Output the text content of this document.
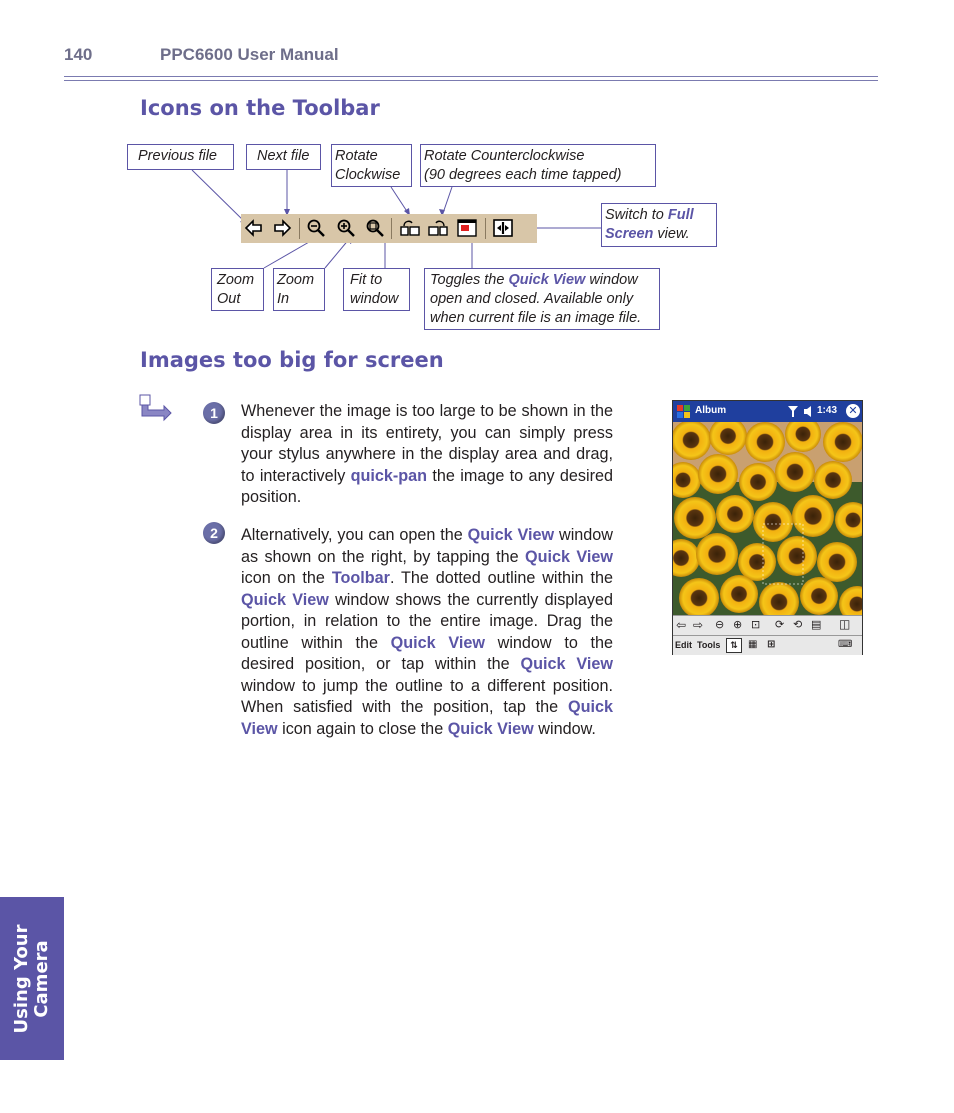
140	PPC6600 User Manual
Icons on the Toolbar
Previous file	Next file	Rotate
Clockwise
Rotate Counterclockwise
(90 degrees each time tapped)
Switch to Full
Screen view.
Zoom
Out
Zoom
In
Fit to
window
Toggles the Quick View window
open and closed. Available only
when current file is an image file.
Images too big for screen
1
2
Whenever the image is too large to be shown in the display area in its entirety, you can simply press your stylus anywhere in the display area and drag, to interactively quick-pan the image to any desired position.
Alternatively, you can open the Quick View window as shown on the right, by tapping the Quick View icon on the Toolbar. The dotted outline within the Quick View window shows the currently displayed portion, in relation to the entire image. Drag the outline within the Quick View window to the desired position, or tap within the Quick View window to jump the outline to a different position. When satisfied with the position, tap the Quick View icon again to close the Quick View window.
Album	1:43 ✕
⇦ ⇨ ⊖ ⊕ ⊡ ⟳ ⟲ ▤ ◫
Edit Tools	⇅	▦ ⊞	⌨
Using Your Camera
